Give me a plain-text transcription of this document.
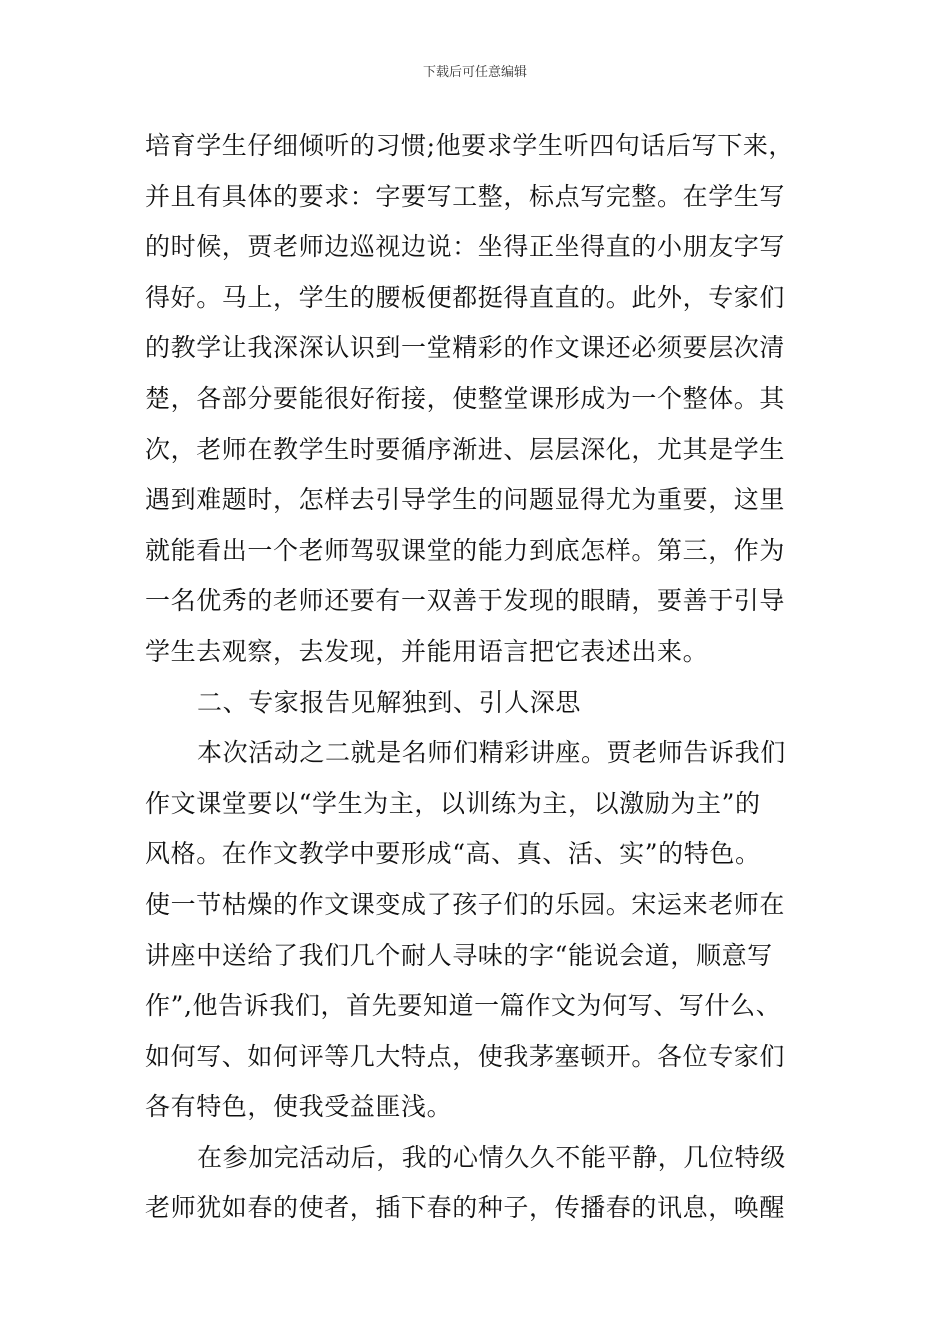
下载后可任意编辑
培育学生仔细倾听的习惯;他要求学生听四句话后写下来，
并且有具体的要求：字要写工整，标点写完整。在学生写
的时候，贾老师边巡视边说：坐得正坐得直的小朋友字写
得好。马上，学生的腰板便都挺得直直的。此外，专家们
的教学让我深深认识到一堂精彩的作文课还必须要层次清
楚，各部分要能很好衔接，使整堂课形成为一个整体。其
次，老师在教学生时要循序渐进、层层深化，尤其是学生
遇到难题时，怎样去引导学生的问题显得尤为重要，这里
就能看出一个老师驾驭课堂的能力到底怎样。第三，作为
一名优秀的老师还要有一双善于发现的眼睛，要善于引导
学生去观察，去发现，并能用语言把它表述出来。
二、专家报告见解独到、引人深思
本次活动之二就是名师们精彩讲座。贾老师告诉我们
作文课堂要以“学生为主，以训练为主，以激励为主”的
风格。在作文教学中要形成“高、真、活、实”的特色。
使一节枯燥的作文课变成了孩子们的乐园。宋运来老师在
讲座中送给了我们几个耐人寻味的字“能说会道，顺意写
作”,他告诉我们，首先要知道一篇作文为何写、写什么、
如何写、如何评等几大特点，使我茅塞顿开。各位专家们
各有特色，使我受益匪浅。
在参加完活动后，我的心情久久不能平静，几位特级
老师犹如春的使者，插下春的种子，传播春的讯息，唤醒
